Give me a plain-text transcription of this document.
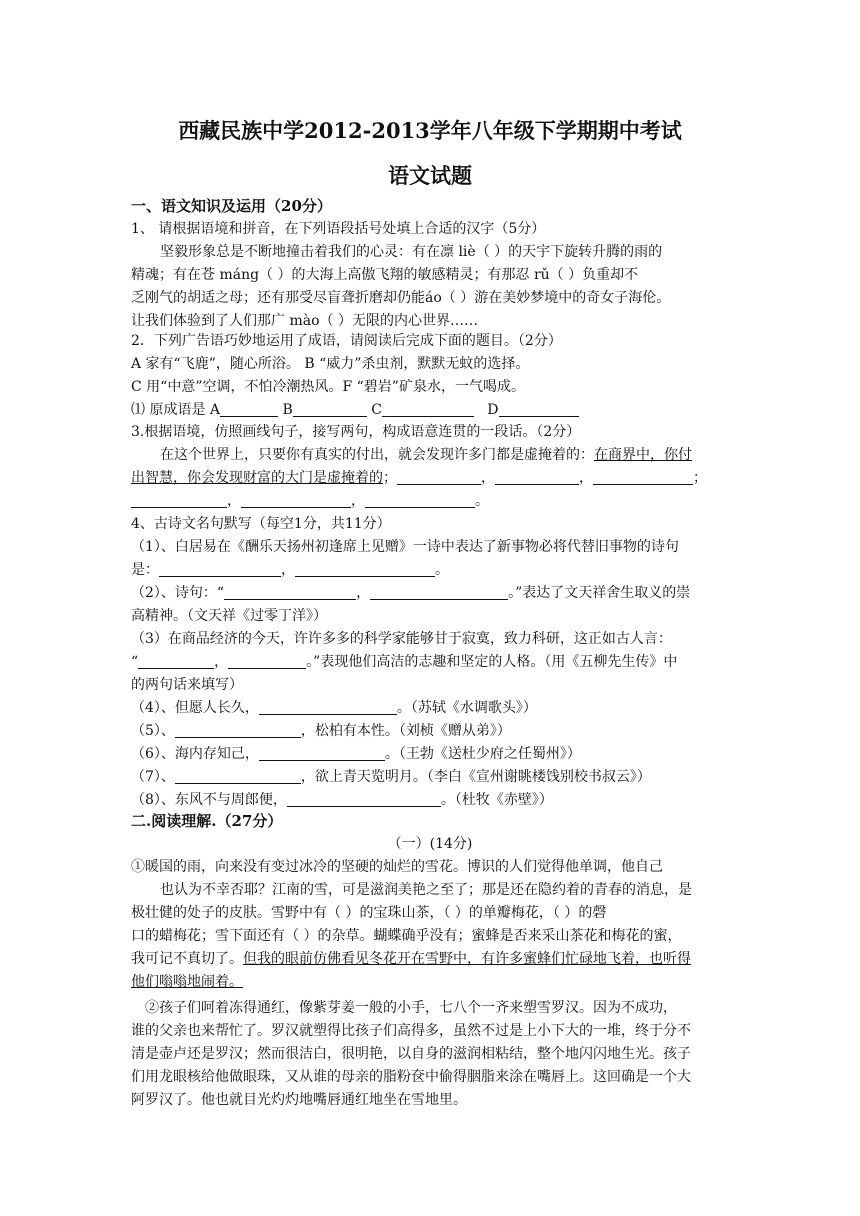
西藏民族中学2012-2013学年八年级下学期期中考试
语文试题
一、语文知识及运用（20分）
1、 请根据语境和拼音，在下列语段括号处填上合适的汉字（5分）
坚毅形象总是不断地撞击着我们的心灵：有在凛 liè（ ）的天宇下旋转升腾的雨的
精魂；有在苍 máng（ ）的大海上高傲飞翔的敏感精灵；有那忍 rǔ（ ）负重却不
乏刚气的胡适之母；还有那受尽盲聋折磨却仍能áo（ ）游在美妙梦境中的奇女子海伦。
让我们体验到了人们那广 mào（ ）无限的内心世界……
2．下列广告语巧妙地运用了成语，请阅读后完成下面的题目。（2分）
A 家有“飞鹿”，随心所浴。 B “威力”杀虫剂，默默无蚊的选择。
C 用“中意”空调，不怕冷潮热风。F “碧岩”矿泉水，一气喝成。
⑴ 原成语是 A	B	C	D
3.根据语境，仿照画线句子，接写两句，构成语意连贯的一段话。（2分）
在这个世界上，只要你有真实的付出，就会发现许多门都是虚掩着的：在商界中，你付
出智慧，你会发现财富的大门是虚掩着的；	，	，	；
，	，	。
4、古诗文名句默写（每空1分，共11分）
（1）、白居易在《酬乐天扬州初逢席上见赠》一诗中表达了新事物必将代替旧事物的诗句
是：	，	。
（2）、诗句：“	，	。”表达了文天祥舍生取义的崇
高精神。（文天祥《过零丁洋》）
（3）在商品经济的今天，许许多多的科学家能够甘于寂寞，致力科研，这正如古人言：
“	，	。”表现他们高洁的志趣和坚定的人格。（用《五柳先生传》中
的两句话来填写）
（4）、但愿人长久，	。（苏轼《水调歌头》）
（5）、	，松柏有本性。（刘桢《赠从弟》）
（6）、海内存知己，	。（王勃《送杜少府之任蜀州》）
（7）、	，欲上青天览明月。（李白《宣州谢眺楼饯别校书叔云》）
（8）、东风不与周郎便，	。（杜牧《赤壁》）
二.阅读理解.（27分）
（一）(14分)
①暖国的雨，向来没有变过冰冷的坚硬的灿烂的雪花。博识的人们觉得他单调，他自己
也认为不幸否耶？江南的雪，可是滋润美艳之至了；那是还在隐约着的青春的消息，是
极壮健的处子的皮肤。雪野中有（ ）的宝珠山茶，（ ）的单瓣梅花，（ ）的磬
口的蜡梅花；雪下面还有（ ）的杂草。蝴蝶确乎没有；蜜蜂是否来采山茶花和梅花的蜜，
我可记不真切了。但我的眼前仿佛看见冬花开在雪野中，有许多蜜蜂们忙碌地飞着，也听得
他们嗡嗡地闹着。
②孩子们呵着冻得通红，像紫芽姜一般的小手，七八个一齐来塑雪罗汉。因为不成功，
谁的父亲也来帮忙了。罗汉就塑得比孩子们高得多，虽然不过是上小下大的一堆，终于分不
清是壶卢还是罗汉；然而很洁白，很明艳，以自身的滋润相粘结，整个地闪闪地生光。孩子
们用龙眼核给他做眼珠，又从谁的母亲的脂粉奁中偷得胭脂来涂在嘴唇上。这回确是一个大
阿罗汉了。他也就目光灼灼地嘴唇通红地坐在雪地里。
